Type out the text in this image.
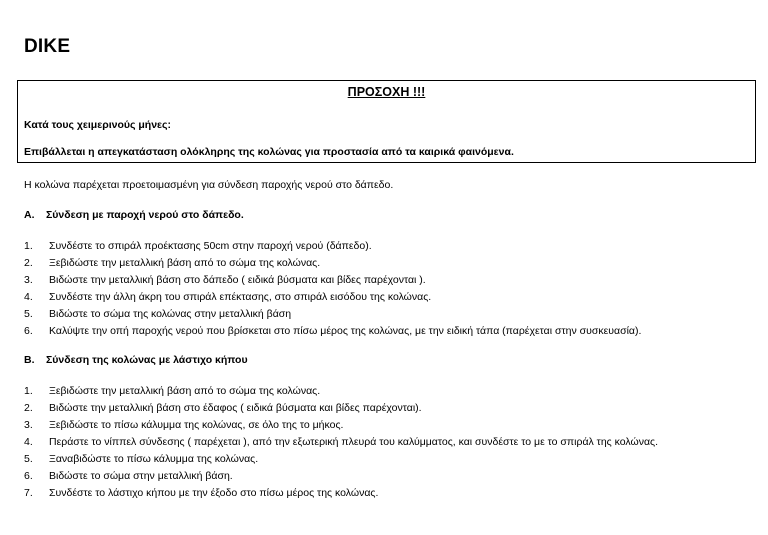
DIKE
ΠΡΟΣΟΧΗ !!!
Κατά τους χειμερινούς μήνες:
Επιβάλλεται η απεγκατάσταση ολόκληρης της κολώνας για προστασία από τα καιρικά φαινόμενα.
Η κολώνα παρέχεται προετοιμασμένη για σύνδεση παροχής νερού στο δάπεδο.
A. Σύνδεση με παροχή νερού στο δάπεδο.
1. Συνδέστε το σπιράλ προέκτασης 50cm στην παροχή νερού (δάπεδο).
2. Ξεβιδώστε την μεταλλική βάση από το σώμα της κολώνας.
3. Βιδώστε την μεταλλική βάση στο δάπεδο ( ειδικά βύσματα και βίδες παρέχονται ).
4. Συνδέστε την άλλη άκρη του σπιράλ επέκτασης, στο σπιράλ εισόδου της κολώνας.
5. Βιδώστε το σώμα της κολώνας στην μεταλλική βάση
6. Καλύψτε την οπή παροχής νερού που βρίσκεται στο πίσω μέρος της κολώνας, με την ειδική τάπα (παρέχεται στην συσκευασία).
B. Σύνδεση της κολώνας με λάστιχο κήπου
1. Ξεβιδώστε την μεταλλική βάση από το σώμα της κολώνας.
2. Βιδώστε την μεταλλική βάση στο έδαφος ( ειδικά βύσματα και βίδες παρέχονται).
3. Ξεβιδώστε το πίσω κάλυμμα της κολώνας, σε όλο της το μήκος.
4. Περάστε το νίππελ σύνδεσης ( παρέχεται ), από την εξωτερική πλευρά του καλύμματος, και συνδέστε το με το σπιράλ της κολώνας.
5. Ξαναβιδώστε το πίσω κάλυμμα της κολώνας.
6. Βιδώστε το σώμα στην μεταλλική βάση.
7. Συνδέστε το λάστιχο κήπου με την έξοδο στο πίσω μέρος της κολώνας.
